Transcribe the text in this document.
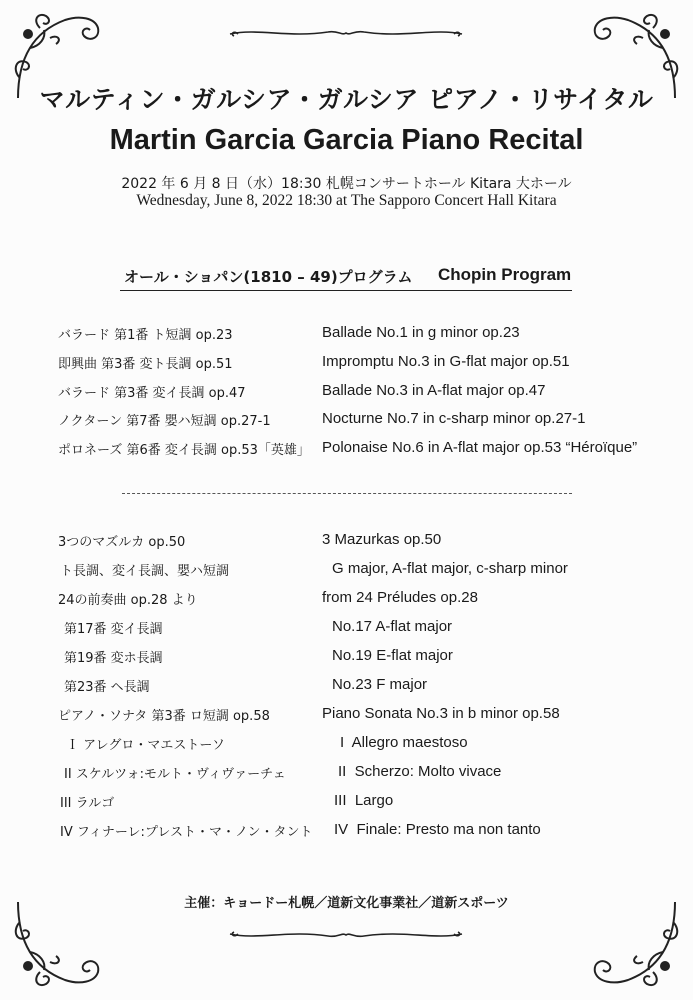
マルティン・ガルシア・ガルシア ピアノ・リサイタル
Martin Garcia Garcia Piano Recital
2022 年 6 月 8 日（水）18:30 札幌コンサートホール Kitara 大ホール
Wednesday, June 8, 2022 18:30 at The Sapporo Concert Hall Kitara
オール・ショパン(1810 – 49)プログラム Chopin Program
バラード 第1番 ト短調 op.23	Ballade No.1 in g minor op.23
即興曲 第3番 変ト長調 op.51	Impromptu No.3 in G-flat major op.51
バラード 第3番 変イ長調 op.47	Ballade No.3 in A-flat major op.47
ノクターン 第7番 嬰ハ短調 op.27-1	Nocturne No.7 in c-sharp minor op.27-1
ポロネーズ 第6番 変イ長調 op.53「英雄」 Polonaise No.6 in A-flat major op.53 “Héroïque”
3つのマズルカ op.50	3 Mazurkas op.50
ト長調、変イ長調、嬰ハ短調	G major, A-flat major, c-sharp minor
24の前奏曲 op.28 より	from 24 Préludes op.28
第17番 変イ長調	No.17 A-flat major
第19番 変ホ長調	No.19 E-flat major
第23番 ヘ長調	No.23 F major
ピアノ・ソナタ 第3番 ロ短調 op.58	Piano Sonata No.3 in b minor op.58
Ｉ アレグロ・マエストーソ	I  Allegro maestoso
II スケルツォ:モルト・ヴィヴァーチェ	II  Scherzo: Molto vivace
III ラルゴ	III  Largo
IV フィナーレ:プレスト・マ・ノン・タント IV  Finale: Presto ma non tanto
主催：キョードー札幌／道新文化事業社／道新スポーツ
